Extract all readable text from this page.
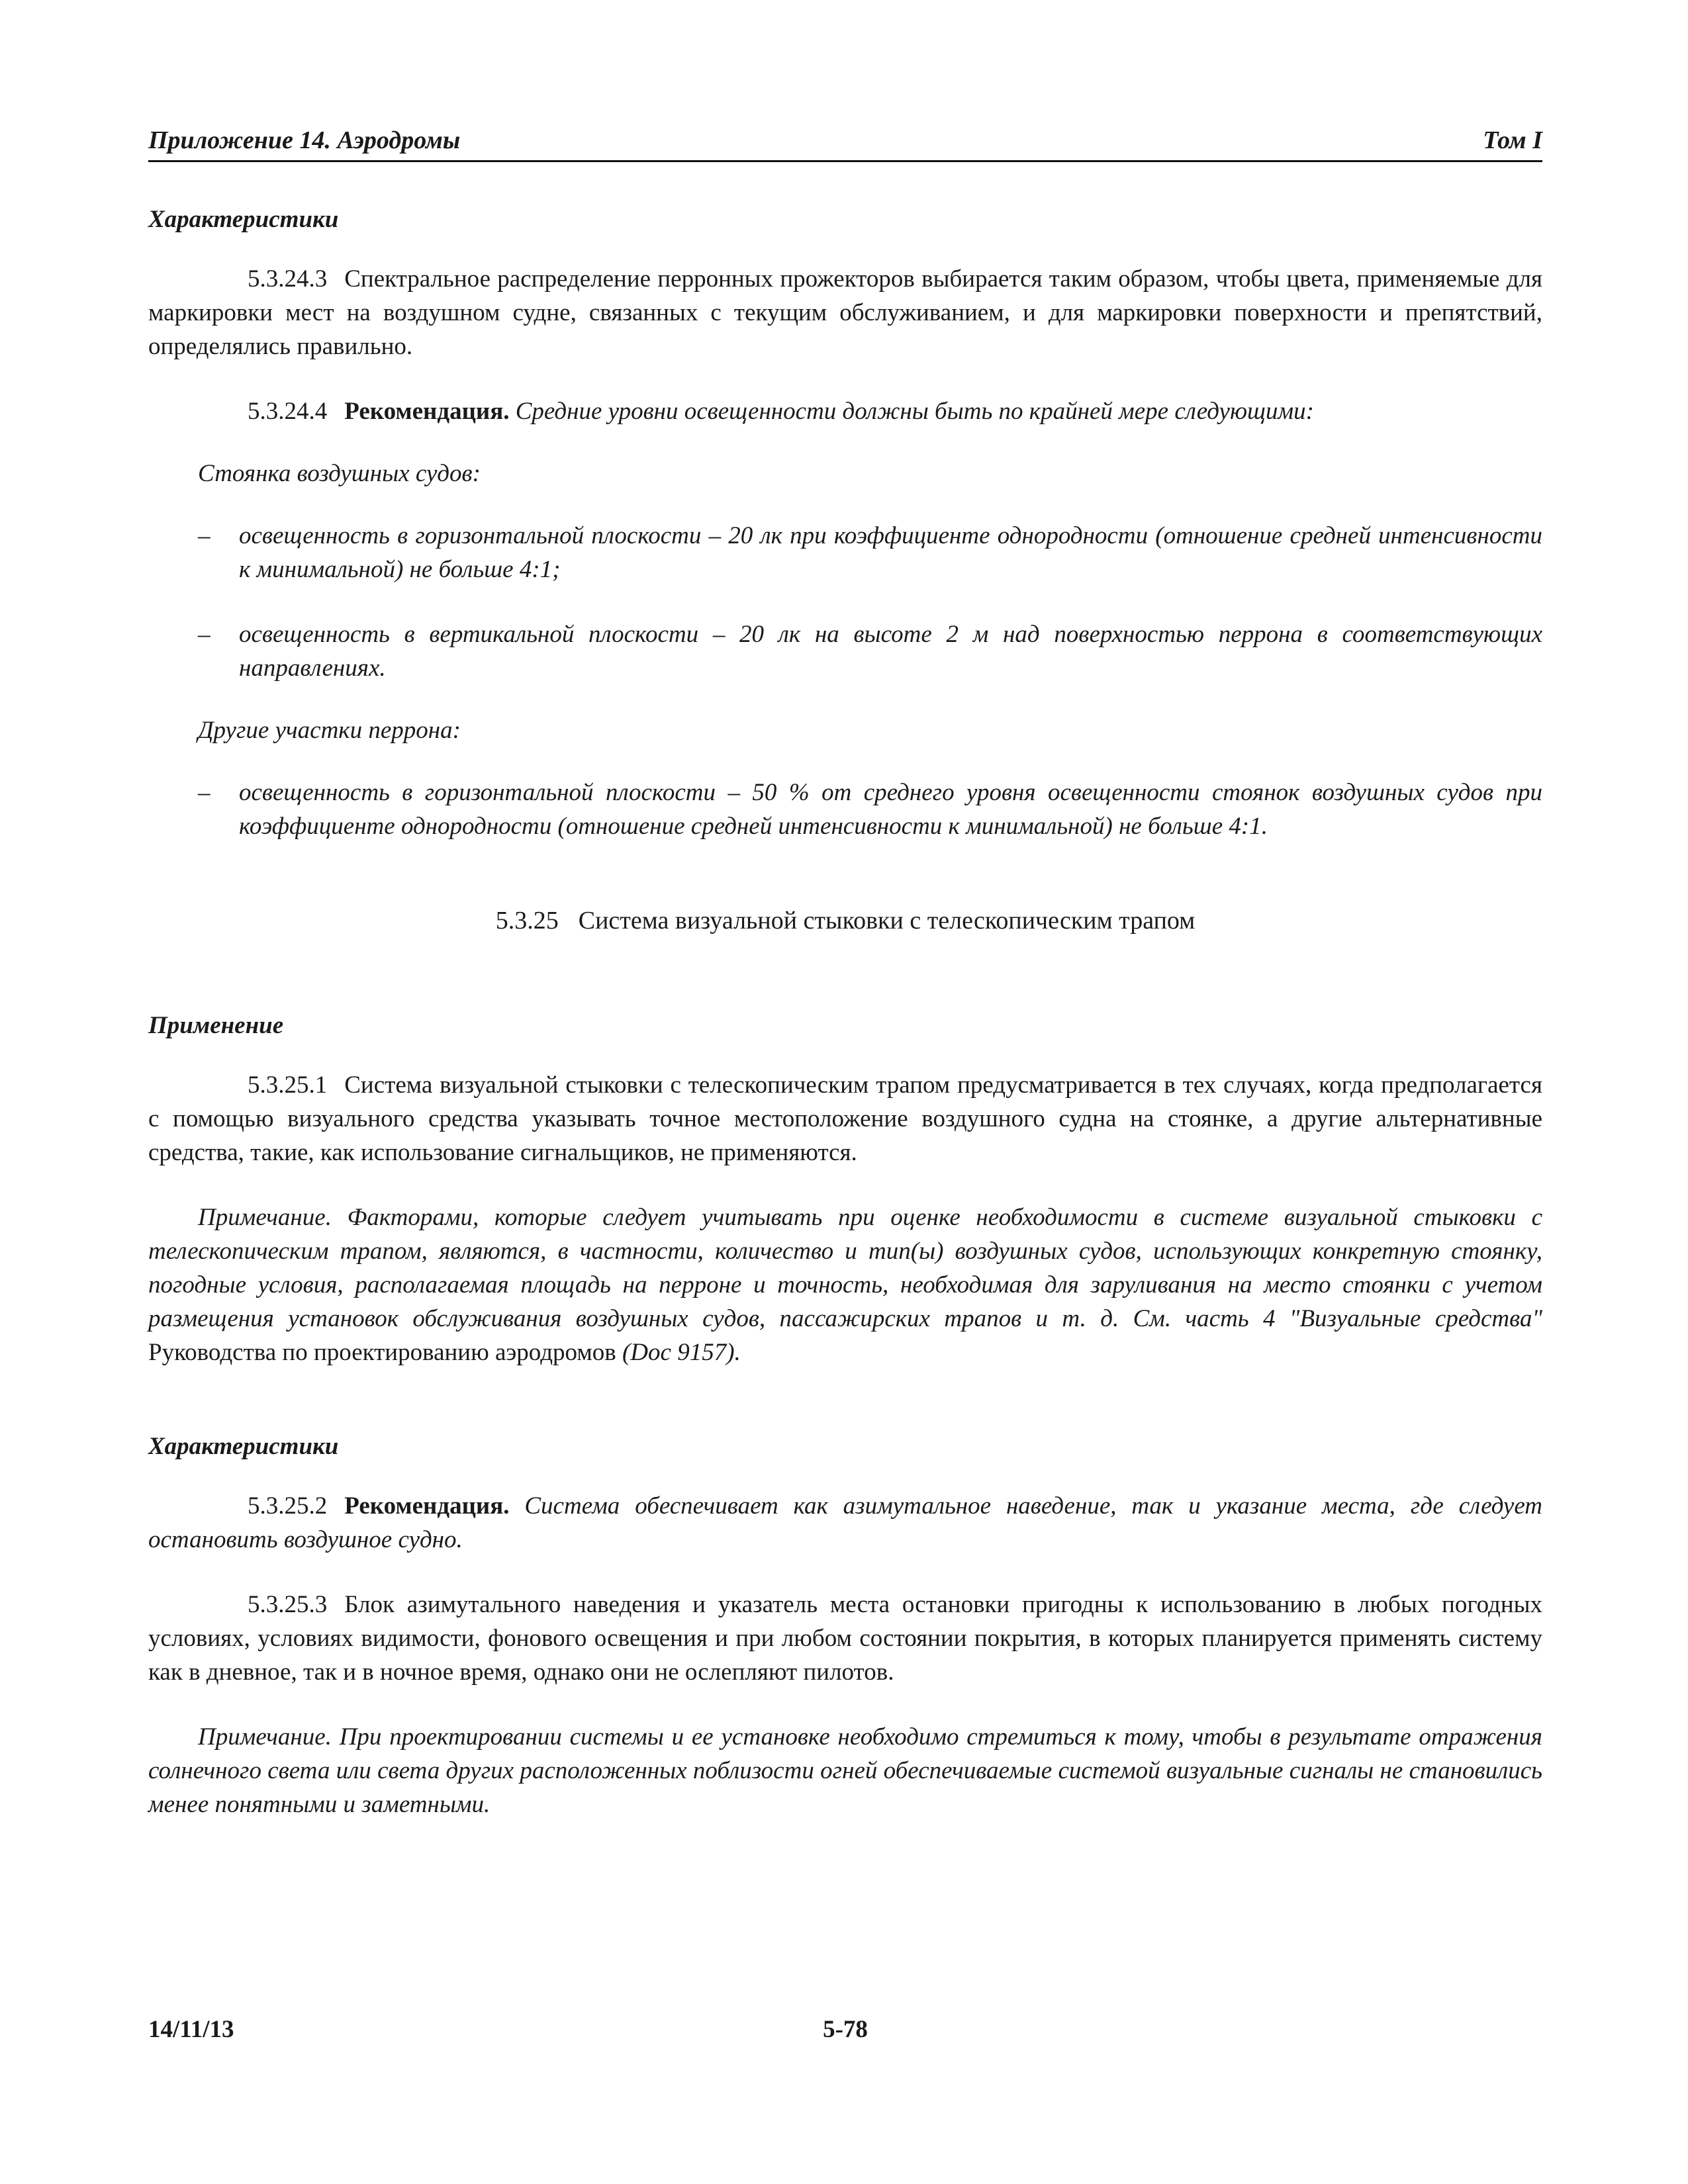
Приложение 14. Аэродромы	Том I

Характеристики

5.3.24.3 Спектральное распределение перронных прожекторов выбирается таким образом, чтобы цвета, применяемые для маркировки мест на воздушном судне, связанных с текущим обслуживанием, и для маркировки поверхности и препятствий, определялись правильно.

5.3.24.4 Рекомендация. Средние уровни освещенности должны быть по крайней мере следующими:

Стоянка воздушных судов:

– освещенность в горизонтальной плоскости – 20 лк при коэффициенте однородности (отношение средней интенсивности к минимальной) не больше 4:1;

– освещенность в вертикальной плоскости – 20 лк на высоте 2 м над поверхностью перрона в соответствующих направлениях.

Другие участки перрона:

– освещенность в горизонтальной плоскости – 50 % от среднего уровня освещенности стоянок воздушных судов при коэффициенте однородности (отношение средней интенсивности к минимальной) не больше 4:1.

5.3.25 Система визуальной стыковки с телескопическим трапом

Применение

5.3.25.1 Система визуальной стыковки с телескопическим трапом предусматривается в тех случаях, когда предполагается с помощью визуального средства указывать точное местоположение воздушного судна на стоянке, а другие альтернативные средства, такие, как использование сигнальщиков, не применяются.

Примечание. Факторами, которые следует учитывать при оценке необходимости в системе визуальной стыковки с телескопическим трапом, являются, в частности, количество и тип(ы) воздушных судов, использующих конкретную стоянку, погодные условия, располагаемая площадь на перроне и точность, необходимая для заруливания на место стоянки с учетом размещения установок обслуживания воздушных судов, пассажирских трапов и т. д. См. часть 4 "Визуальные средства" Руководства по проектированию аэродромов (Doc 9157).

Характеристики

5.3.25.2 Рекомендация. Система обеспечивает как азимутальное наведение, так и указание места, где следует остановить воздушное судно.

5.3.25.3 Блок азимутального наведения и указатель места остановки пригодны к использованию в любых погодных условиях, условиях видимости, фонового освещения и при любом состоянии покрытия, в которых планируется применять систему как в дневное, так и в ночное время, однако они не ослепляют пилотов.

Примечание. При проектировании системы и ее установке необходимо стремиться к тому, чтобы в результате отражения солнечного света или света других расположенных поблизости огней обеспечиваемые системой визуальные сигналы не становились менее понятными и заметными.

14/11/13	5-78
